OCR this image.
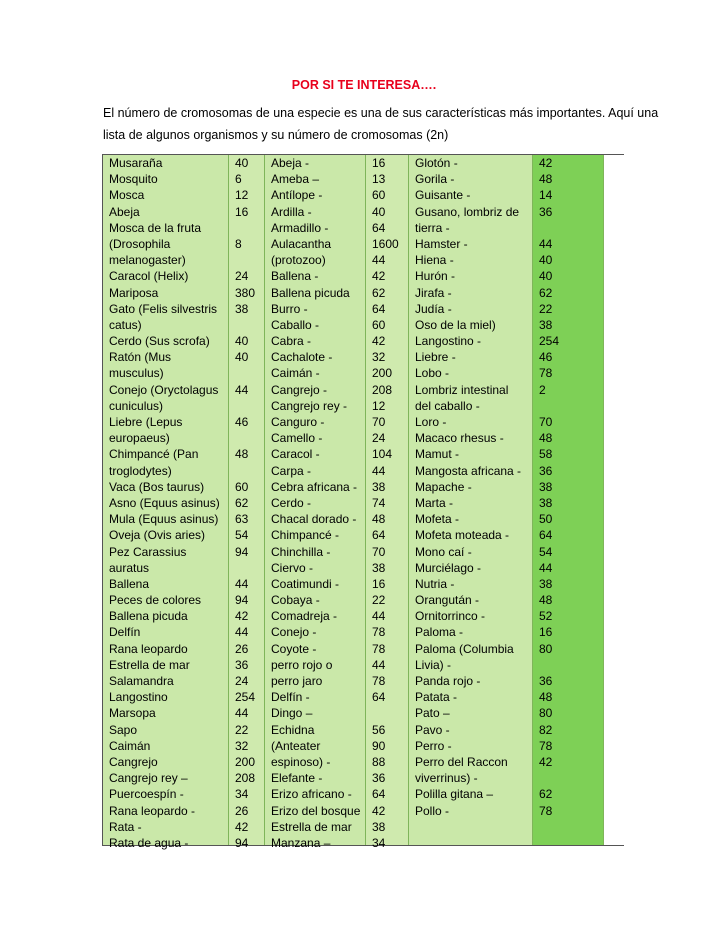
POR SI TE INTERESA….
El número de cromosomas de una especie es una de sus características más importantes. Aquí una
lista de algunos organismos y su número de cromosomas (2n)
Musaraña
Mosquito
Mosca
Abeja
Mosca de la fruta
(Drosophila
melanogaster)
Caracol (Helix)
Mariposa
Gato (Felis silvestris
catus)
Cerdo (Sus scrofa)
Ratón (Mus
musculus)
Conejo (Oryctolagus
cuniculus)
Liebre (Lepus
europaeus)
Chimpancé (Pan
troglodytes)
Vaca (Bos taurus)
Asno (Equus asinus)
Mula (Equus asinus)
Oveja (Ovis aries)
Pez Carassius
auratus
Ballena
Peces de colores
Ballena picuda
Delfín
Rana leopardo
Estrella de mar
Salamandra
Langostino
Marsopa
Sapo
Caimán
Cangrejo
Cangrejo rey –
Puercoespín -
Rana leopardo -
Rata -
Rata de agua -
40
6
12
16
8
24
380
38
40
40
44
46
48
60
62
63
54
94
44
94
42
44
26
36
24
254
44
22
32
200
208
34
26
42
94
Abeja -
Ameba –
Antílope -
Ardilla -
Armadillo -
Aulacantha
(protozoo)
Ballena -
Ballena picuda
Burro -
Caballo -
Cabra -
Cachalote -
Caimán -
Cangrejo -
Cangrejo rey -
Canguro -
Camello -
Caracol -
Carpa -
Cebra africana -
Cerdo -
Chacal dorado -
Chimpancé -
Chinchilla -
Ciervo -
Coatimundi -
Cobaya -
Comadreja -
Conejo -
Coyote -
perro rojo o
perro jaro
Delfín -
Dingo –
Echidna
(Anteater
espinoso) -
Elefante -
Erizo africano -
Erizo del bosque
Estrella de mar
Manzana –
16
13
60
40
64
1600
44
42
62
64
60
42
32
200
208
12
70
24
104
44
38
74
48
64
70
38
16
22
44
78
78
44
78
64
56
90
88
36
64
42
38
34
Glotón -
Gorila -
Guisante -
Gusano, lombriz de
tierra -
Hamster -
Hiena -
Hurón -
Jirafa -
Judía -
Oso de la miel)
Langostino -
Liebre -
Lobo -
Lombriz intestinal
del caballo -
Loro -
Macaco rhesus -
Mamut -
Mangosta africana -
Mapache -
Marta -
Mofeta -
Mofeta moteada -
Mono caí -
Murciélago -
Nutria -
Orangután -
Ornitorrinco -
Paloma -
Paloma (Columbia
Livia) -
Panda rojo -
Patata -
Pato –
Pavo -
Perro -
Perro del Raccon
viverrinus) -
Polilla gitana –
Pollo -
42
48
14
36
44
40
40
62
22
38
254
46
78
2
70
48
58
36
38
38
50
64
54
44
38
48
52
16
80
36
48
80
82
78
42
62
78
